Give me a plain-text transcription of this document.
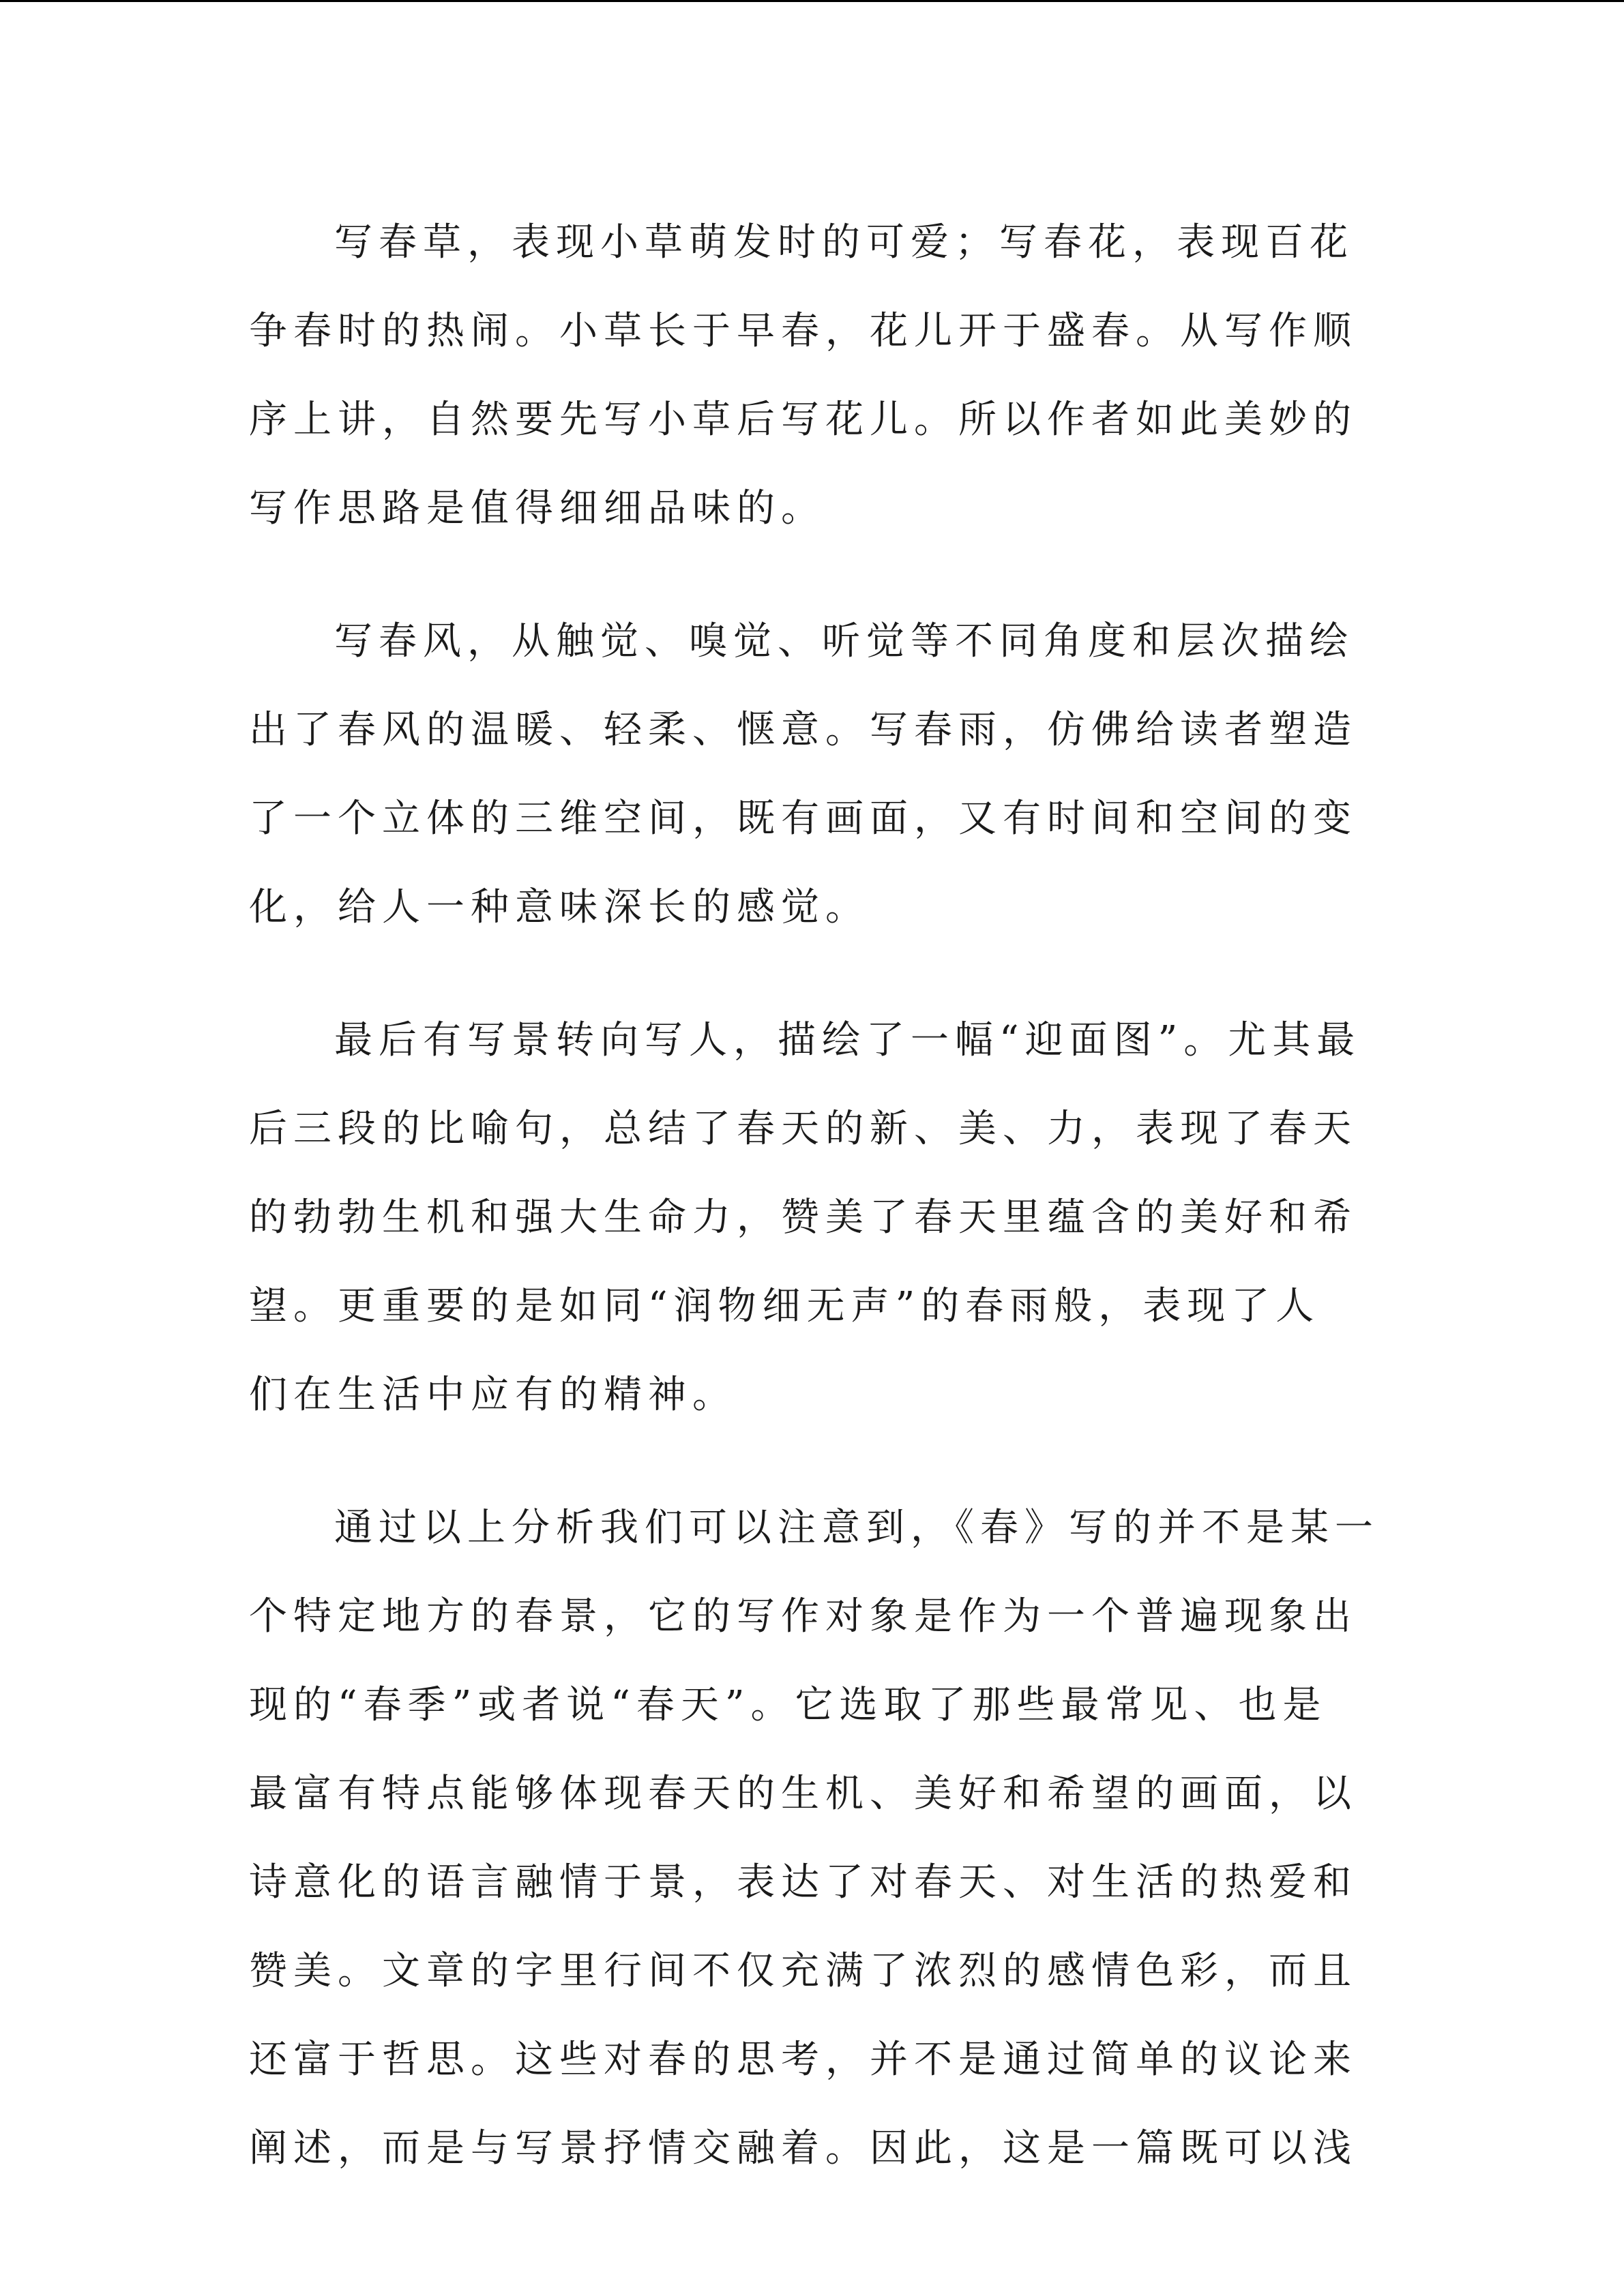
写春草，表现小草萌发时的可爱；写春花，表现百花
争春时的热闹。小草长于早春，花儿开于盛春。从写作顺
序上讲，自然要先写小草后写花儿。所以作者如此美妙的
写作思路是值得细细品味的。

写春风，从触觉、嗅觉、听觉等不同角度和层次描绘
出了春风的温暖、轻柔、惬意。写春雨，仿佛给读者塑造
了一个立体的三维空间，既有画面，又有时间和空间的变
化，给人一种意味深长的感觉。

最后有写景转向写人，描绘了一幅“迎面图”。尤其最
后三段的比喻句，总结了春天的新、美、力，表现了春天
的勃勃生机和强大生命力，赞美了春天里蕴含的美好和希
望。更重要的是如同“润物细无声”的春雨般，表现了人
们在生活中应有的精神。

通过以上分析我们可以注意到，《春》写的并不是某一
个特定地方的春景，它的写作对象是作为一个普遍现象出
现的“春季”或者说“春天”。它选取了那些最常见、也是
最富有特点能够体现春天的生机、美好和希望的画面，以
诗意化的语言融情于景，表达了对春天、对生活的热爱和
赞美。文章的字里行间不仅充满了浓烈的感情色彩，而且
还富于哲思。这些对春的思考，并不是通过简单的议论来
阐述，而是与写景抒情交融着。因此，这是一篇既可以浅
